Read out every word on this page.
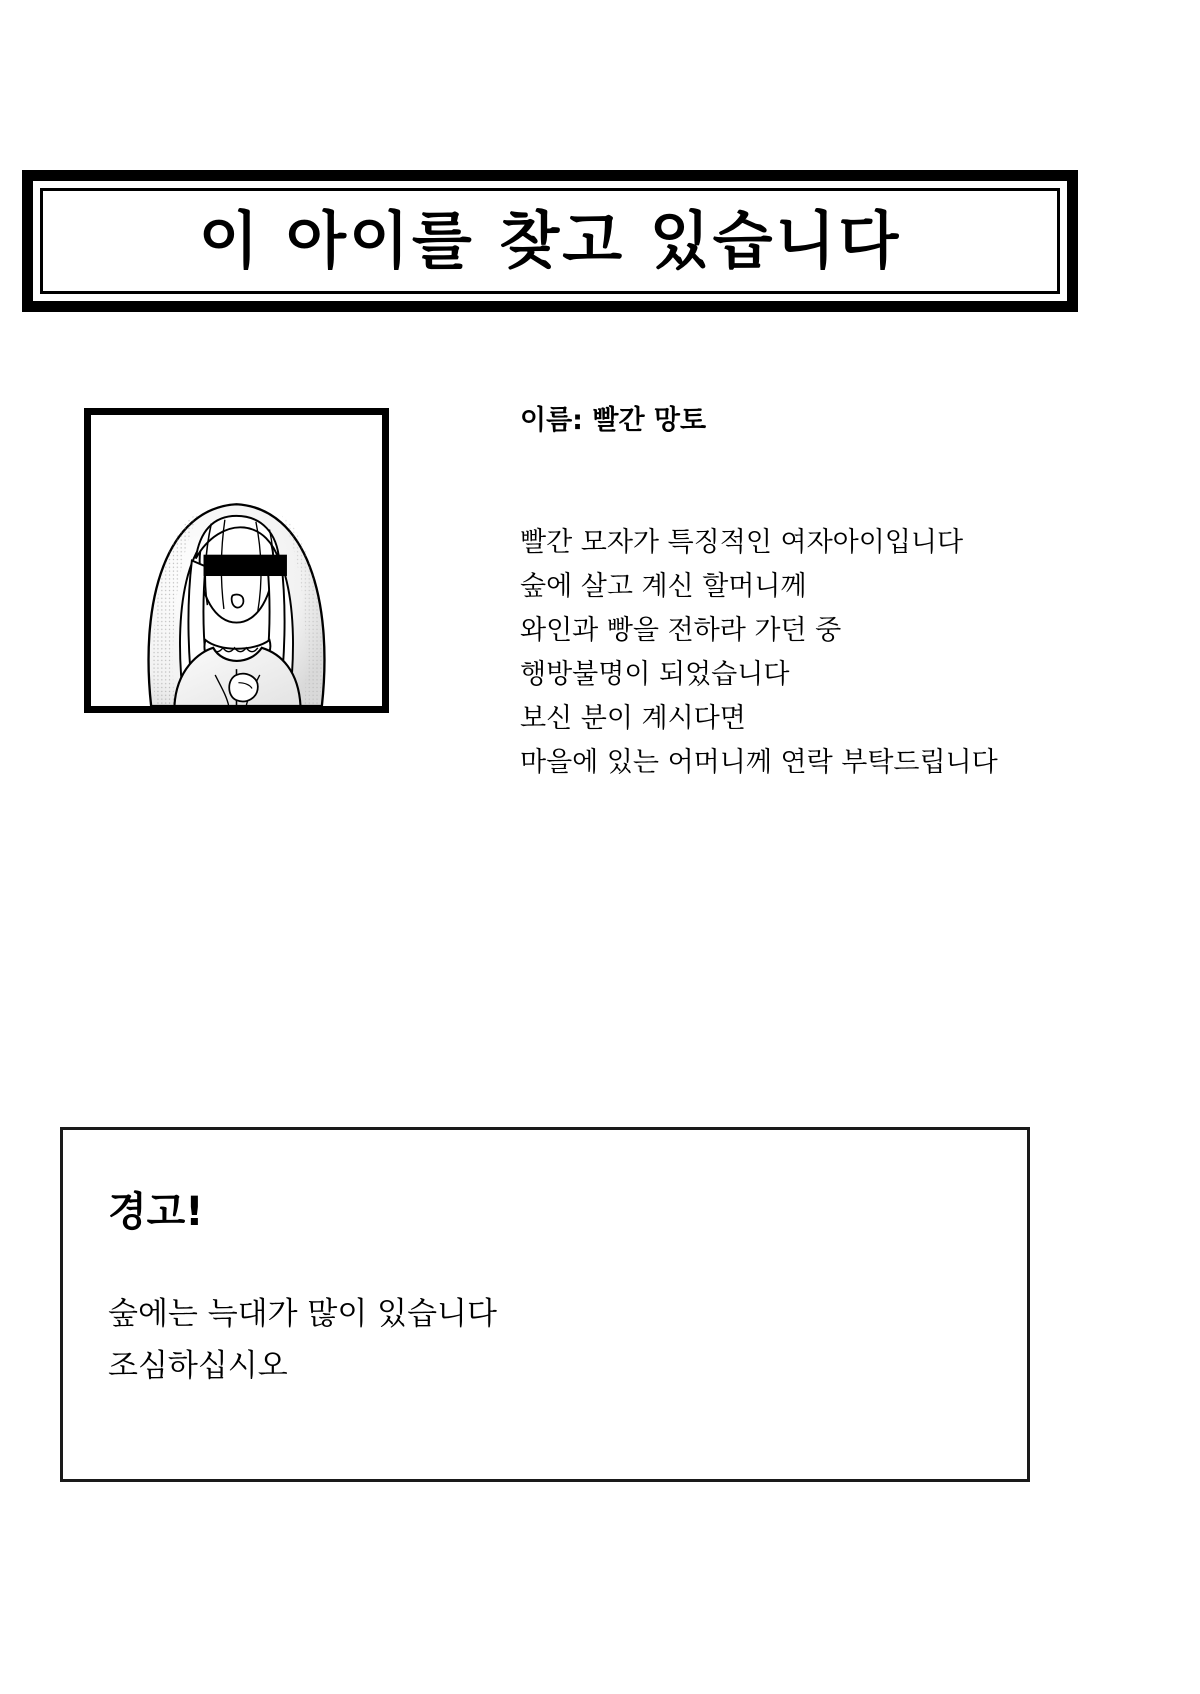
이 아이를 찾고 있습니다
이름: 빨간 망토
빨간 모자가 특징적인 여자아이입니다
숲에 살고 계신 할머니께
와인과 빵을 전하라 가던 중
행방불명이 되었습니다
보신 분이 계시다면
마을에 있는 어머니께 연락 부탁드립니다
경고!
숲에는 늑대가 많이 있습니다
조심하십시오
